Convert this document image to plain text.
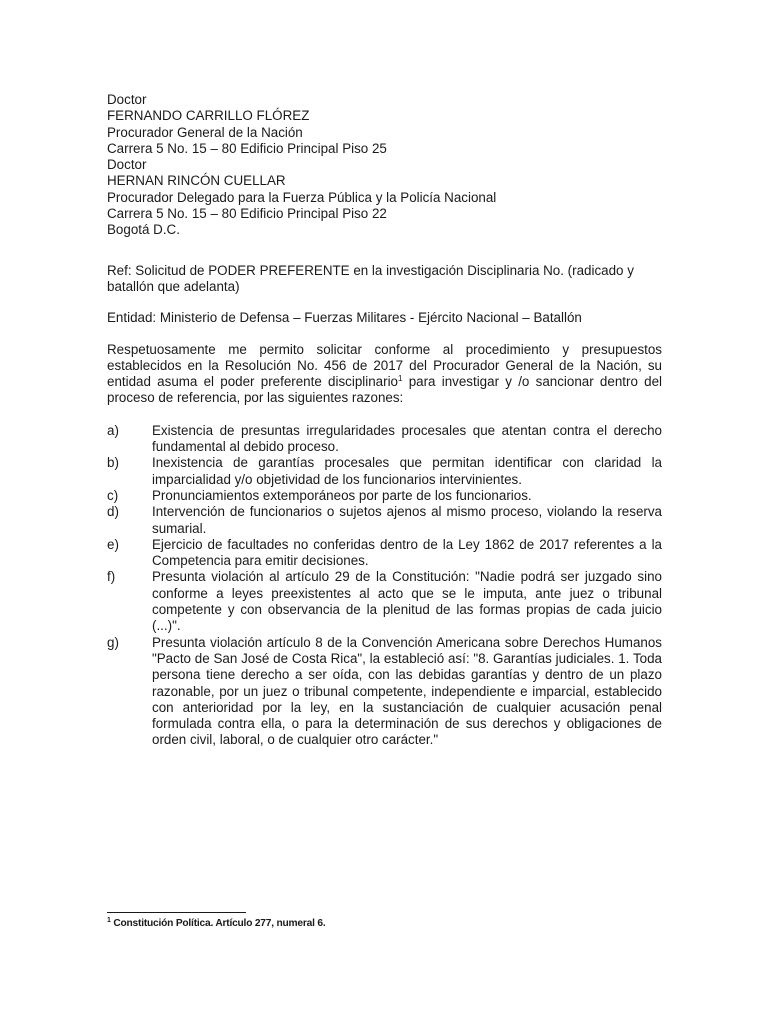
Doctor
FERNANDO CARRILLO FLÓREZ
Procurador General de la Nación
Carrera 5 No. 15 – 80 Edificio Principal Piso 25
Doctor
HERNAN RINCÓN CUELLAR
Procurador Delegado para la Fuerza Pública y la Policía Nacional
Carrera 5 No. 15 – 80 Edificio Principal Piso 22
Bogotá D.C.
Ref: Solicitud de PODER PREFERENTE en la investigación Disciplinaria No. (radicado y batallón que adelanta)
Entidad: Ministerio de Defensa – Fuerzas Militares - Ejército Nacional – Batallón
Respetuosamente me permito solicitar conforme al procedimiento y presupuestos establecidos en la Resolución No. 456 de 2017 del Procurador General de la Nación, su entidad asuma el poder preferente disciplinario$^1$ para investigar y /o sancionar dentro del proceso de referencia, por las siguientes razones:
a) Existencia de presuntas irregularidades procesales que atentan contra el derecho fundamental al debido proceso.
b) Inexistencia de garantías procesales que permitan identificar con claridad la imparcialidad y/o objetividad de los funcionarios intervinientes.
c)	Pronunciamientos extemporáneos por parte de los funcionarios.
d) Intervención de funcionarios o sujetos ajenos al mismo proceso, violando la reserva sumarial.
e) Ejercicio de facultades no conferidas dentro de la Ley 1862 de 2017 referentes a la Competencia para emitir decisiones.
f)	Presunta violación al artículo 29 de la Constitución: "Nadie podrá ser juzgado sino conforme a leyes preexistentes al acto que se le imputa, ante juez o tribunal competente y con observancia de la plenitud de las formas propias de cada juicio (...)".
g) Presunta violación artículo 8 de la Convención Americana sobre Derechos Humanos "Pacto de San José de Costa Rica", la estableció así: "8. Garantías judiciales. 1. Toda persona tiene derecho a ser oída, con las debidas garantías y dentro de un plazo razonable, por un juez o tribunal competente, independiente e imparcial, establecido con anterioridad por la ley, en la sustanciación de cualquier acusación penal formulada contra ella, o para la determinación de sus derechos y obligaciones de orden civil, laboral, o de cualquier otro carácter."
$^1$ Constitución Política. Artículo 277, numeral 6.
